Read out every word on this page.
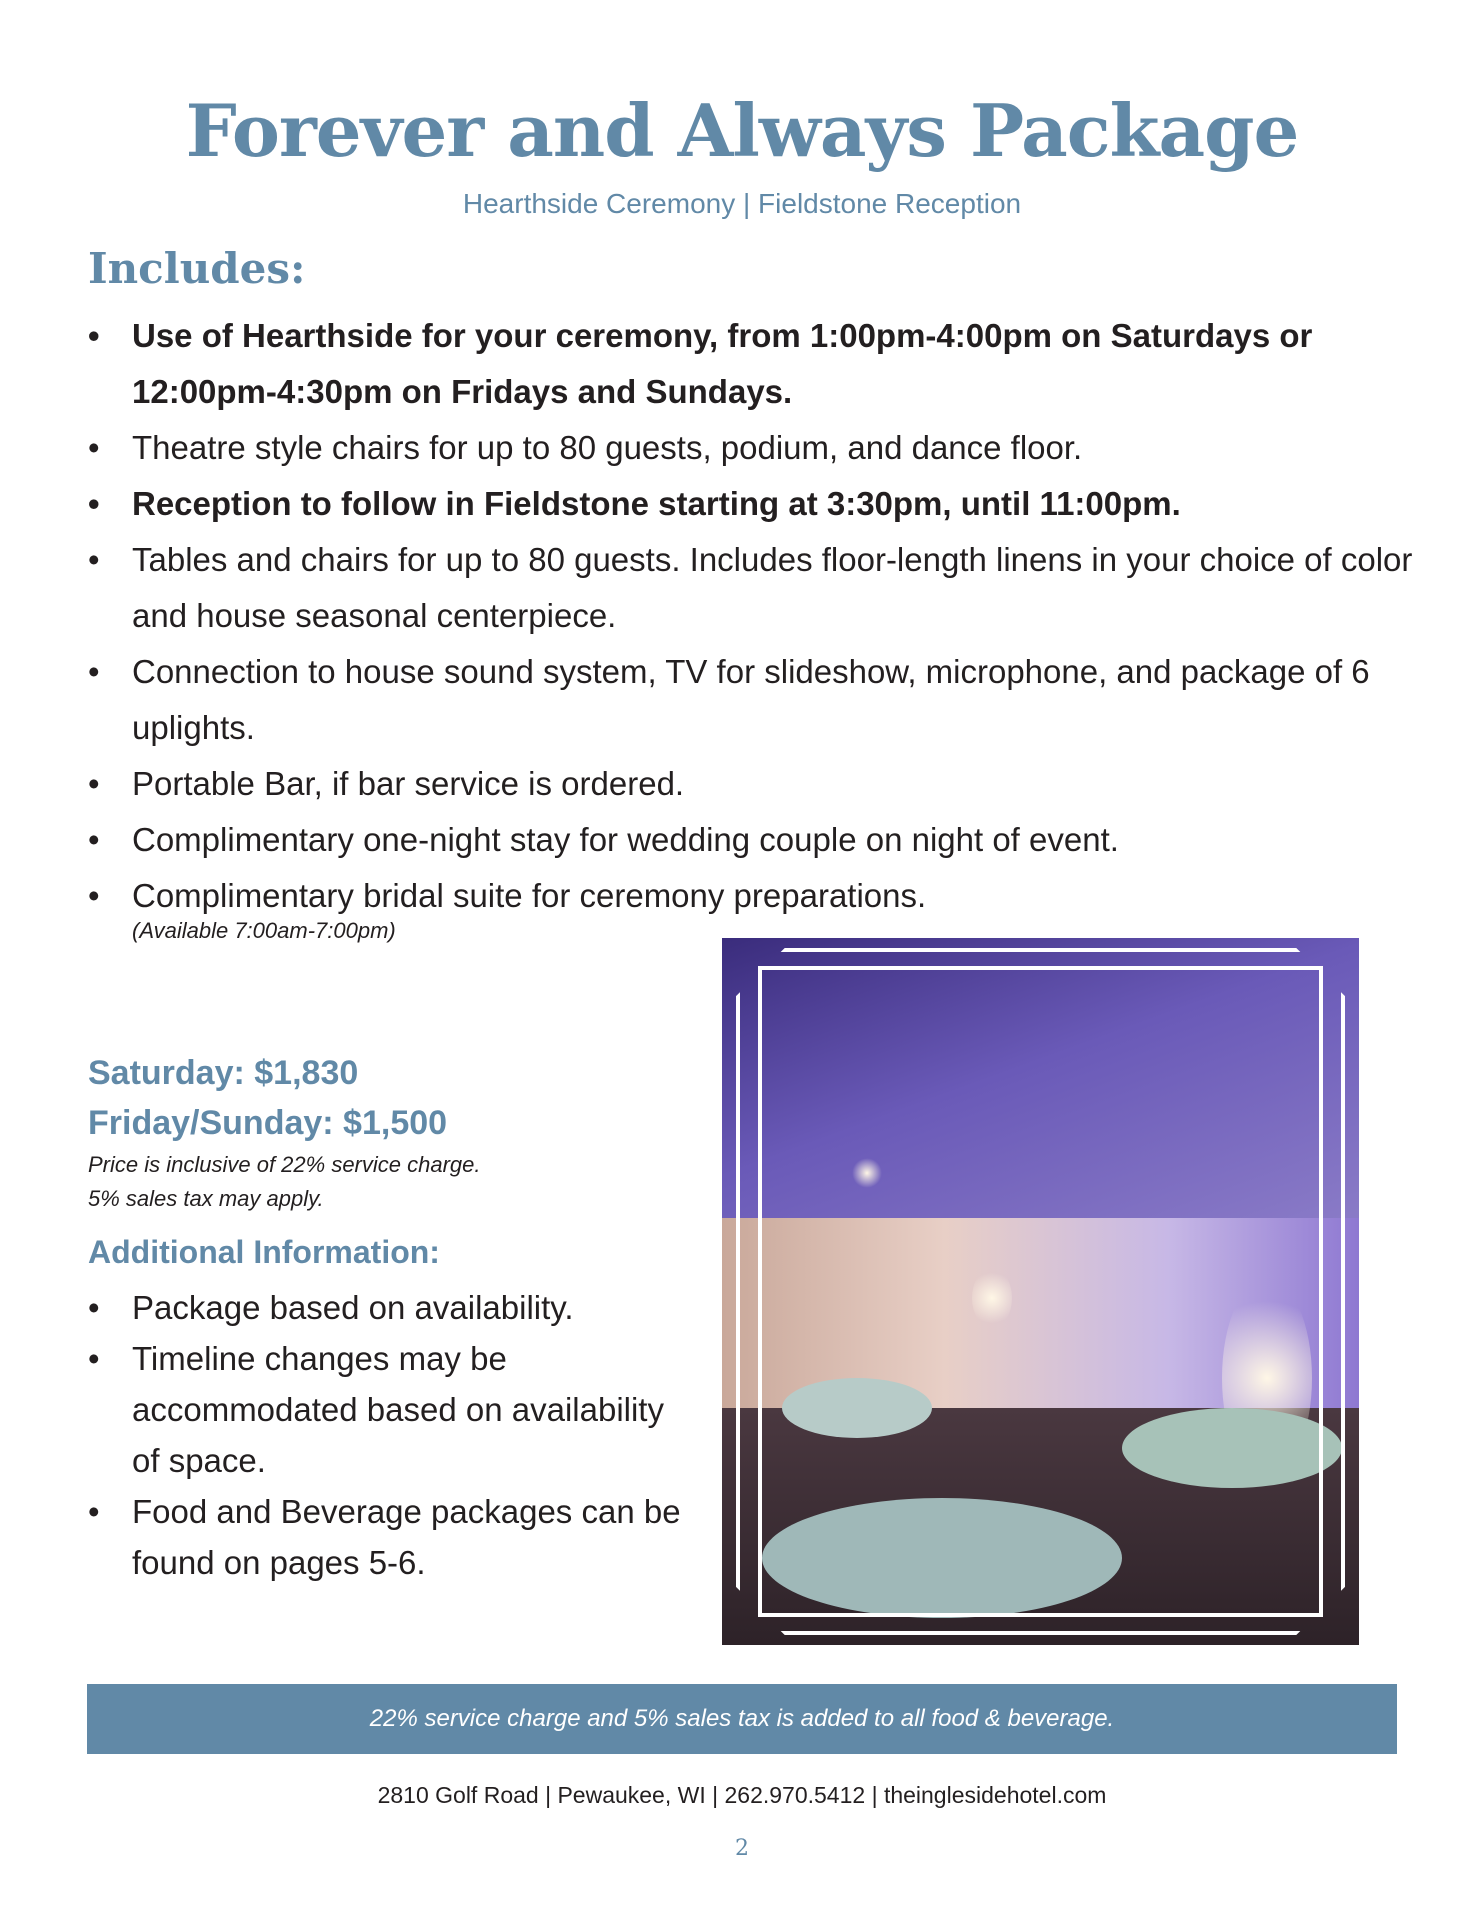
Forever and Always Package

Hearthside Ceremony | Fieldstone Reception

Includes:
• Use of Hearthside for your ceremony, from 1:00pm-4:00pm on Saturdays or 12:00pm-4:30pm on Fridays and Sundays.
• Theatre style chairs for up to 80 guests, podium, and dance floor.
• Reception to follow in Fieldstone starting at 3:30pm, until 11:00pm.
• Tables and chairs for up to 80 guests. Includes floor-length linens in your choice of color and house seasonal centerpiece.
• Connection to house sound system, TV for slideshow, microphone, and package of 6 uplights.
• Portable Bar, if bar service is ordered.
• Complimentary one-night stay for wedding couple on night of event.
• Complimentary bridal suite for ceremony preparations.
(Available 7:00am-7:00pm)

Saturday: $1,830

Friday/Sunday: $1,500

Price is inclusive of 22% service charge.

5% sales tax may apply.

Additional Information:
• Package based on availability.
• Timeline changes may be accommodated based on availability of space.
• Food and Beverage packages can be found on pages 5-6.
22% service charge and 5% sales tax is added to all food & beverage.
2810 Golf Road | Pewaukee, WI | 262.970.5412 | theinglesidehotel.com
2
